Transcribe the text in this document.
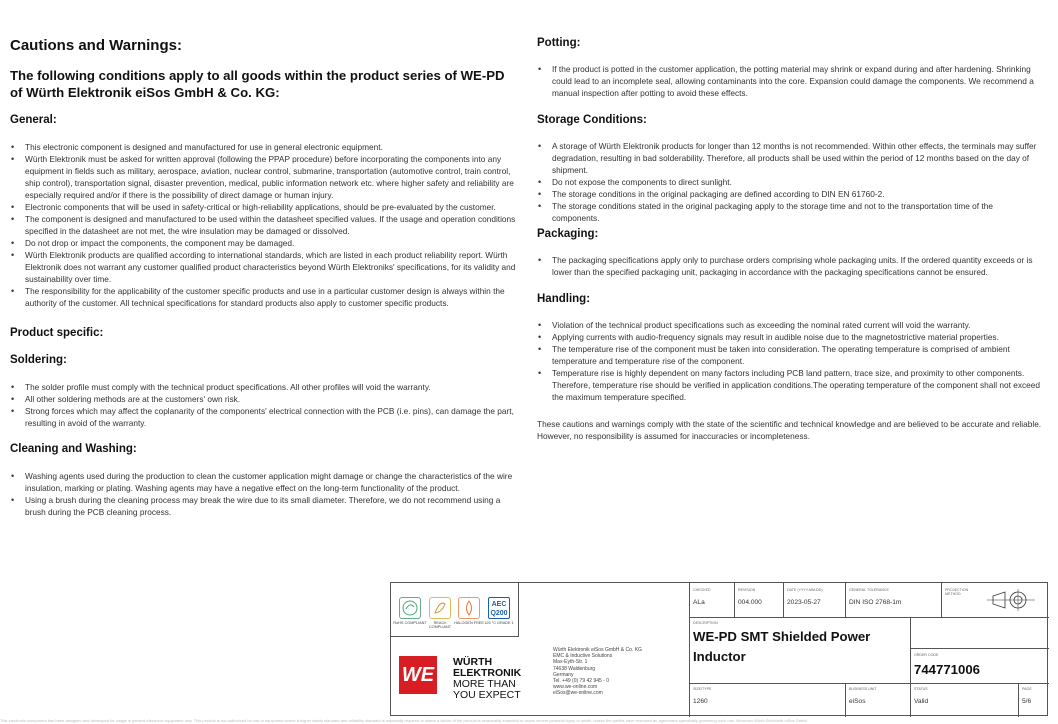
Cautions and Warnings:
The following conditions apply to all goods within the product series of WE-PD of Würth Elektronik eiSos GmbH & Co. KG:
General:
• This electronic component is designed and manufactured for use in general electronic equipment.
• Würth Elektronik must be asked for written approval (following the PPAP procedure) before incorporating the components into any equipment in fields such as military, aerospace, aviation, nuclear control, submarine, transportation (automotive control, train control, ship control), transportation signal, disaster prevention, medical, public information network etc. where higher safety and reliability are especially required and/or if there is the possibility of direct damage or human injury.
• Electronic components that will be used in safety-critical or high-reliability applications, should be pre-evaluated by the customer.
• The component is designed and manufactured to be used within the datasheet specified values. If the usage and operation conditions specified in the datasheet are not met, the wire insulation may be damaged or dissolved.
• Do not drop or impact the components, the component may be damaged.
• Würth Elektronik products are qualified according to international standards, which are listed in each product reliability report. Würth Elektronik does not warrant any customer qualified product characteristics beyond Würth Elektroniks' specifications, for its validity and sustainability over time.
• The responsibility for the applicability of the customer specific products and use in a particular customer design is always within the authority of the customer. All technical specifications for standard products also apply to customer specific products.
Product specific:
Soldering:
• The solder profile must comply with the technical product specifications. All other profiles will void the warranty.
• All other soldering methods are at the customers' own risk.
• Strong forces which may affect the coplanarity of the components' electrical connection with the PCB (i.e. pins), can damage the part, resulting in avoid of the warranty.
Cleaning and Washing:
• Washing agents used during the production to clean the customer application might damage or change the characteristics of the wire insulation, marking or plating. Washing agents may have a negative effect on the long-term functionality of the product.
• Using a brush during the cleaning process may break the wire due to its small diameter. Therefore, we do not recommend using a brush during the PCB cleaning process.
Potting:
• If the product is potted in the customer application, the potting material may shrink or expand during and after hardening. Shrinking could lead to an incomplete seal, allowing contaminants into the core. Expansion could damage the components. We recommend a manual inspection after potting to avoid these effects.
Storage Conditions:
• A storage of Würth Elektronik products for longer than 12 months is not recommended. Within other effects, the terminals may suffer degradation, resulting in bad solderability. Therefore, all products shall be used within the period of 12 months based on the day of shipment.
• Do not expose the components to direct sunlight.
• The storage conditions in the original packaging are defined according to DIN EN 61760-2.
• The storage conditions stated in the original packaging apply to the storage time and not to the transportation time of the components.
Packaging:
• The packaging specifications apply only to purchase orders comprising whole packaging units. If the ordered quantity exceeds or is lower than the specified packaging unit, packaging in accordance with the packaging specifications cannot be ensured.
Handling:
• Violation of the technical product specifications such as exceeding the nominal rated current will void the warranty.
• Applying currents with audio-frequency signals may result in audible noise due to the magnetostrictive material properties.
• The temperature rise of the component must be taken into consideration. The operating temperature is comprised of ambient temperature and temperature rise of the component.
• Temperature rise is highly dependent on many factors including PCB land pattern, trace size, and proximity to other components. Therefore, temperature rise should be verified in application conditions.The operating temperature of the component shall not exceed the maximum temperature specified.

These cautions and warnings comply with the state of the scientific and technical knowledge and are believed to be accurate and reliable. However, no responsibility is assumed for inaccuracies or incompleteness.

RoHS COMPLIANT	REACh COMPLIANT
HALOGEN FREE
AEC Q200
125 °C GRADE 1
WE
WÜRTH
ELEKTRONIK
MORE THAN
YOU EXPECT
Würth Elektronik eiSos GmbH & Co. KG
EMC & Inductive Solutions
Max-Eyth-Str. 1
74638 Waldenburg
Germany
Tel. +49 (0) 79 42 945 - 0
www.we-online.com
eiSos@we-online.com
CHECKED
ALa
REVISION
004.000
DATE (YYYY-MM-DD)
2023-05-27
GENERAL TOLERANCE
DIN ISO 2768-1m
PROJECTION METHOD
DESCRIPTION
WE-PD SMT Shielded Power
Inductor	ORDER CODE
744771006
SIZE/TYPE
1260
BUSINESS UNIT
eiSos
STATUS
Valid
PAGE
5/6
This electronic component has been designed and developed for usage in general electronic equipment only. This product is not authorized for use in equipment where a higher safety standard and reliability standard is especially required or where a failure of the product is reasonably expected to cause severe personal injury or death, unless the parties have executed an agreement specifically governing such use. Moreover Würth Elektronik eiSos GmbH
